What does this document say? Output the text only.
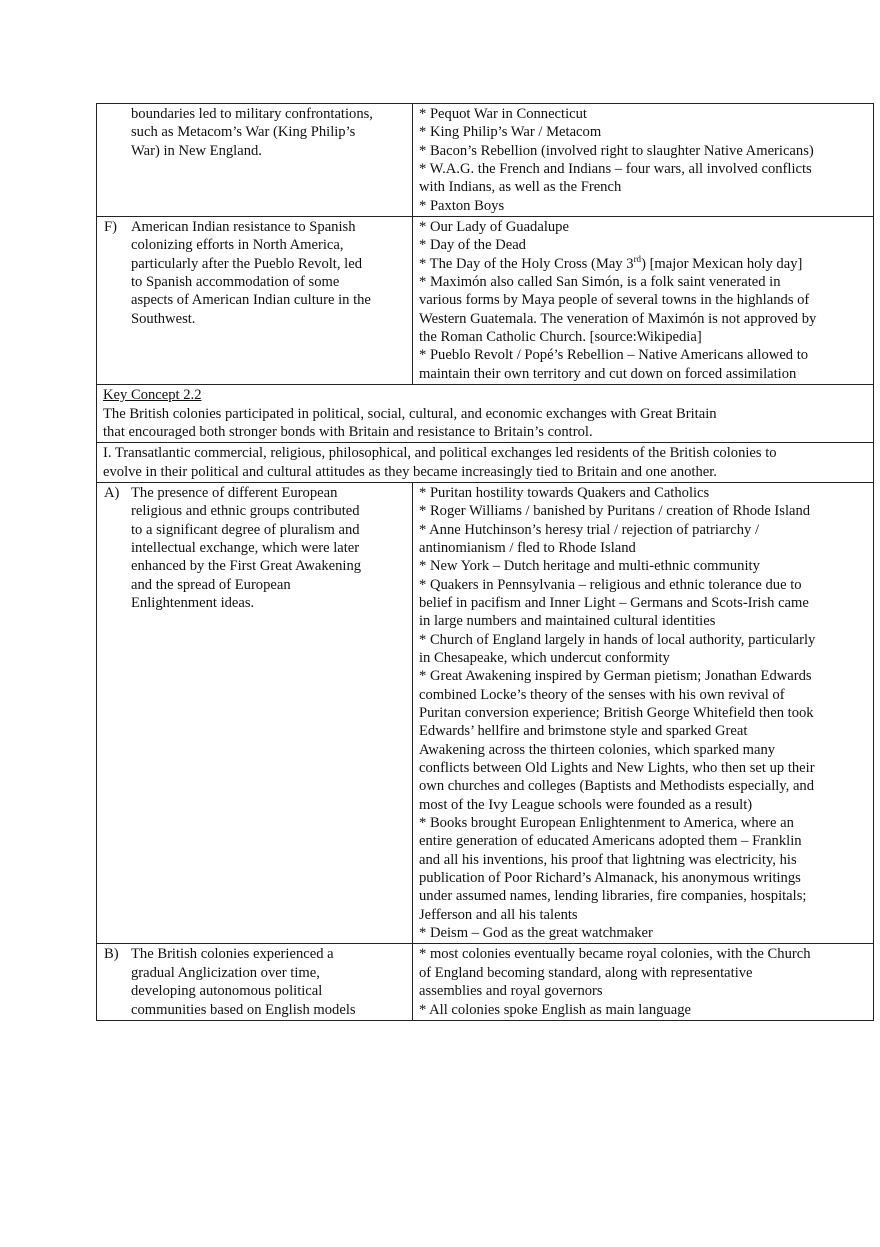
boundaries led to military confrontations,
such as Metacom’s War (King Philip’s
War) in New England.
* Pequot War in Connecticut
* King Philip’s War / Metacom
* Bacon’s Rebellion (involved right to slaughter Native Americans)
* W.A.G. the French and Indians – four wars, all involved conflicts
with Indians, as well as the French
* Paxton Boys
F) American Indian resistance to Spanish
colonizing efforts in North America,
particularly after the Pueblo Revolt, led
to Spanish accommodation of some
aspects of American Indian culture in the
Southwest.
* Our Lady of Guadalupe
* Day of the Dead
* The Day of the Holy Cross (May 3rd) [major Mexican holy day]
* Maximón also called San Simón, is a folk saint venerated in
various forms by Maya people of several towns in the highlands of
Western Guatemala. The veneration of Maximón is not approved by
the Roman Catholic Church. [source:Wikipedia]
* Pueblo Revolt / Popé’s Rebellion – Native Americans allowed to
maintain their own territory and cut down on forced assimilation
Key Concept 2.2
The British colonies participated in political, social, cultural, and economic exchanges with Great Britain
that encouraged both stronger bonds with Britain and resistance to Britain’s control.
I. Transatlantic commercial, religious, philosophical, and political exchanges led residents of the British colonies to
evolve in their political and cultural attitudes as they became increasingly tied to Britain and one another.
A) The presence of different European
religious and ethnic groups contributed
to a significant degree of pluralism and
intellectual exchange, which were later
enhanced by the First Great Awakening
and the spread of European
Enlightenment ideas.
* Puritan hostility towards Quakers and Catholics
* Roger Williams / banished by Puritans / creation of Rhode Island
* Anne Hutchinson’s heresy trial / rejection of patriarchy /
antinomianism / fled to Rhode Island
* New York – Dutch heritage and multi-ethnic community
* Quakers in Pennsylvania – religious and ethnic tolerance due to
belief in pacifism and Inner Light – Germans and Scots-Irish came
in large numbers and maintained cultural identities
* Church of England largely in hands of local authority, particularly
in Chesapeake, which undercut conformity
* Great Awakening inspired by German pietism; Jonathan Edwards
combined Locke’s theory of the senses with his own revival of
Puritan conversion experience; British George Whitefield then took
Edwards’ hellfire and brimstone style and sparked Great
Awakening across the thirteen colonies, which sparked many
conflicts between Old Lights and New Lights, who then set up their
own churches and colleges (Baptists and Methodists especially, and
most of the Ivy League schools were founded as a result)
* Books brought European Enlightenment to America, where an
entire generation of educated Americans adopted them – Franklin
and all his inventions, his proof that lightning was electricity, his
publication of Poor Richard’s Almanack, his anonymous writings
under assumed names, lending libraries, fire companies, hospitals;
Jefferson and all his talents
* Deism – God as the great watchmaker
B) The British colonies experienced a
gradual Anglicization over time,
developing autonomous political
communities based on English models
* most colonies eventually became royal colonies, with the Church
of England becoming standard, along with representative
assemblies and royal governors
* All colonies spoke English as main language
